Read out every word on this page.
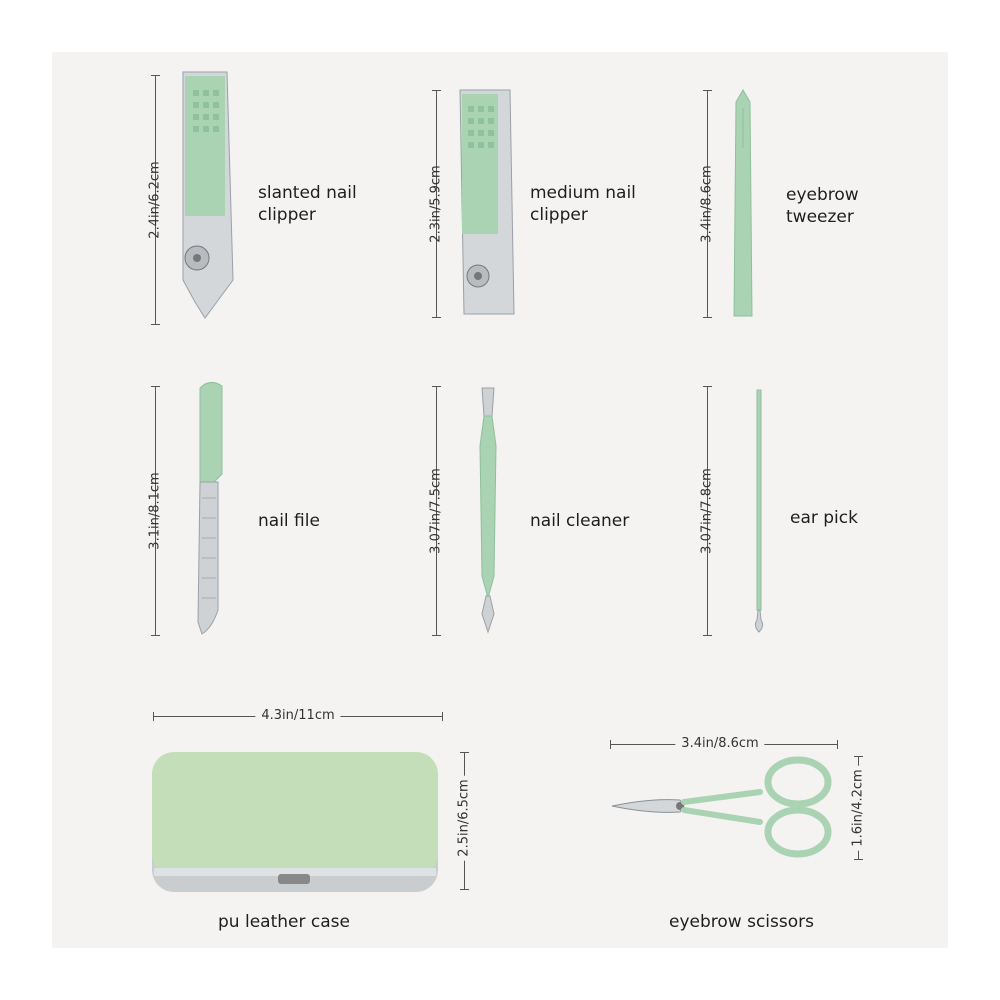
2.4in/6.2cm	slanted nail
clipper	2.3in/5.9cm	medium nail
clipper	3.4in/8.6cm	eyebrow
tweezer
3.1in/8.1cm	nail file	3.07in/7.5cm	nail cleaner	3.07in/7.8cm	ear pick
4.3in/11cm
2.5in/6.5cm
pu leather case
3.4in/8.6cm
1.6in/4.2cm
eyebrow scissors
